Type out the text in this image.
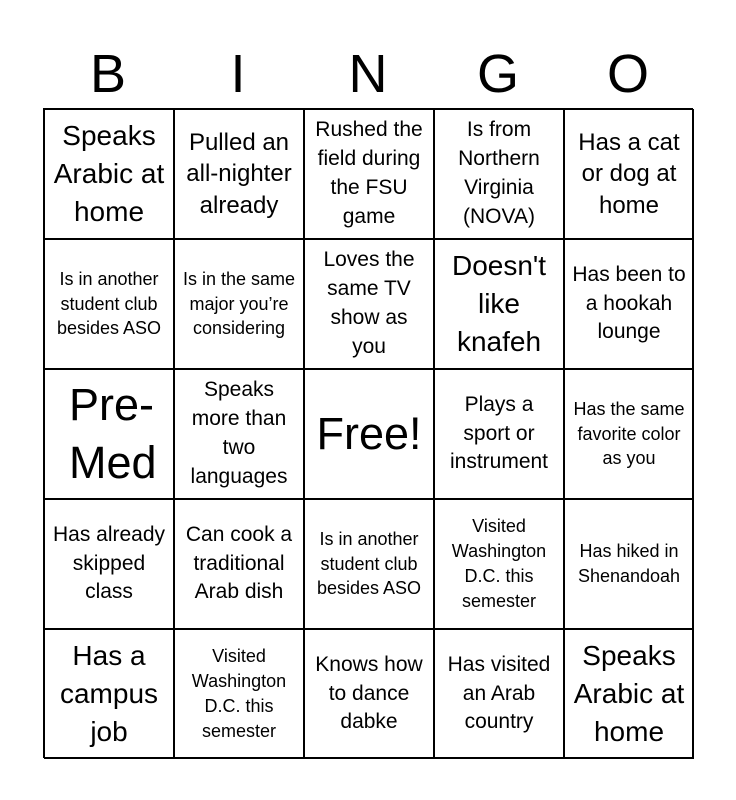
B	I	N	G	O
Speaks Arabic at home
Pulled an all-nighter already
Rushed the field during the FSU game
Is from Northern Virginia (NOVA)
Has a cat or dog at home
Is in another student club besides ASO
Is in the same major you’re considering
Loves the same TV show as you
Doesn't like knafeh
Has been to a hookah lounge
Pre-Med
Speaks more than two languages
Free!
Plays a sport or instrument
Has the same favorite color as you
Has already skipped class
Can cook a traditional Arab dish
Is in another student club besides ASO
Visited Washington D.C. this semester
Has hiked in Shenandoah
Has a campus job
Visited Washington D.C. this semester
Knows how to dance dabke
Has visited an Arab country
Speaks Arabic at home
